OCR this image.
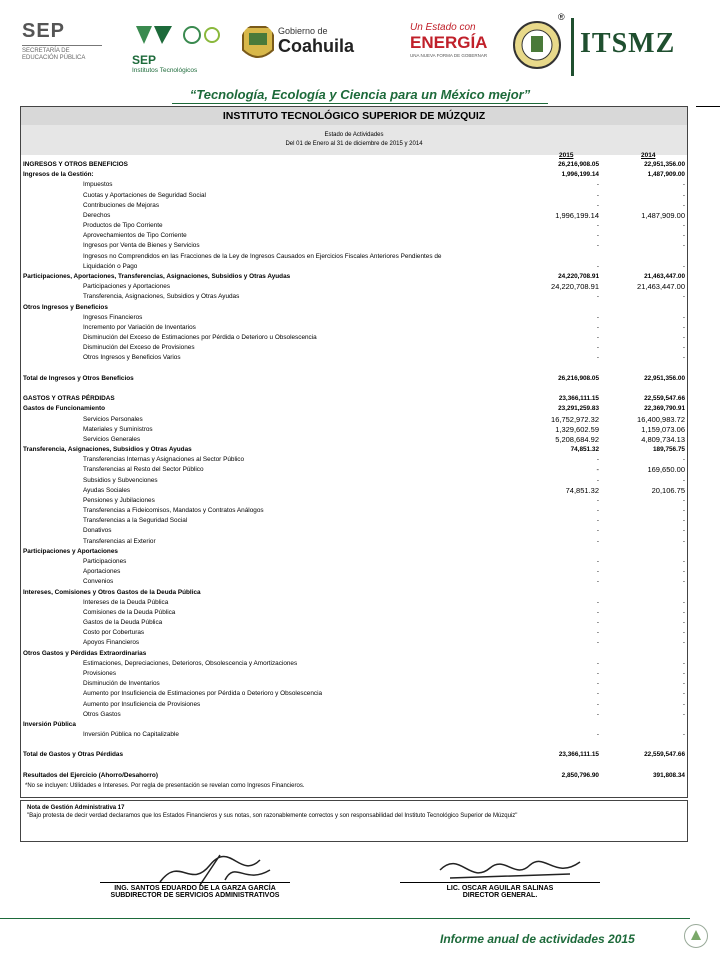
SEP
SECRETARÍA DE
EDUCACIÓN PÚBLICA	SEP
Institutos Tecnológicos
Gobierno de
Coahuila
Un Estado con
ENERGÍA
UNA NUEVA FORMA DE GOBERNAR
®
ITSMZ
“Tecnología, Ecología y Ciencia para un México mejor”
INSTITUTO TECNOLÓGICO SUPERIOR DE MÚZQUIZ
Estado de Actividades
Del 01 de Enero al 31 de diciembre de 2015 y 2014
2015	2014
INGRESOS Y OTROS BENEFICIOS	26,216,908.05	22,951,356.00
Ingresos de la Gestión:	1,996,199.14	1,487,909.00
Impuestos	-	-
Cuotas y Aportaciones de Seguridad Social	-	-
Contribuciones de Mejoras	-	-
Derechos	1,996,199.14	1,487,909.00
Productos de Tipo Corriente	-	-
Aprovechamientos de Tipo Corriente	-	-
Ingresos por Venta de Bienes y Servicios	-	-
Ingresos no Comprendidos en las Fracciones de la Ley de Ingresos Causados en Ejercicios Fiscales Anteriores Pendientes de
Liquidación o Pago	-	-
Participaciones, Aportaciones, Transferencias, Asignaciones, Subsidios y Otras Ayudas	24,220,708.91	21,463,447.00
Participaciones y Aportaciones	24,220,708.91	21,463,447.00
Transferencia, Asignaciones, Subsidios y Otras Ayudas	-	-
Otros Ingresos y Beneficios
Ingresos Financieros	-	-
Incremento por Variación de Inventarios	-	-
Disminución del Exceso de Estimaciones por Pérdida o Deterioro u Obsolescencia	-	-
Disminución del Exceso de Provisiones	-	-
Otros Ingresos y Beneficios Varios	-	-
Total de Ingresos y Otros Beneficios	26,216,908.05	22,951,356.00
GASTOS Y OTRAS PÉRDIDAS	23,366,111.15	22,559,547.66
Gastos de Funcionamiento	23,291,259.83	22,369,790.91
Servicios Personales	16,752,972.32	16,400,983.72
Materiales y Suministros	1,329,602.59	1,159,073.06
Servicios Generales	5,208,684.92	4,809,734.13
Transferencia, Asignaciones, Subsidios y Otras Ayudas	74,851.32	189,756.75
Transferencias Internas y Asignaciones al Sector Público	-	-
Transferencias al Resto del Sector Público	-	169,650.00
Subsidios y Subvenciones	-	-
Ayudas Sociales	74,851.32	20,106.75
Pensiones y Jubilaciones	-	-
Transferencias a Fideicomisos, Mandatos y Contratos Análogos	-	-
Transferencias a la Seguridad Social	-	-
Donativos	-	-
Transferencias al Exterior	-	-
Participaciones y Aportaciones
Participaciones	-	-
Aportaciones	-	-
Convenios	-	-
Intereses, Comisiones y Otros Gastos de la Deuda Pública
Intereses de la Deuda Pública	-	-
Comisiones de la Deuda Pública	-	-
Gastos de la Deuda Pública	-	-
Costo por Coberturas	-	-
Apoyos Financieros	-	-
Otros Gastos y Pérdidas Extraordinarias
Estimaciones, Depreciaciones, Deterioros, Obsolescencia y Amortizaciones	-	-
Provisiones	-	-
Disminución de Inventarios	-	-
Aumento por Insuficiencia de Estimaciones por Pérdida o Deterioro y Obsolescencia	-	-
Aumento por Insuficiencia de Provisiones	-	-
Otros Gastos	-	-
Inversión Pública
Inversión Pública no Capitalizable	-	-
Total de Gastos y Otras Pérdidas	23,366,111.15	22,559,547.66
Resultados del Ejercicio (Ahorro/Desahorro)	2,850,796.90	391,808.34
*No se incluyen: Utilidades e Intereses. Por regla de presentación se revelan como Ingresos Financieros.
Nota de Gestión Administrativa 17
"Bajo protesta de decir verdad declaramos que los Estados Financieros y sus notas, son razonablemente correctos y son responsabilidad del Instituto Tecnológico Superior de Múzquiz"
ING. SANTOS EDUARDO DE LA GARZA GARCÍA
SUBDIRECTOR DE SERVICIOS ADMINISTRATIVOS
LIC. OSCAR AGUILAR SALINAS
DIRECTOR GENERAL.
Informe anual de actividades 2015
